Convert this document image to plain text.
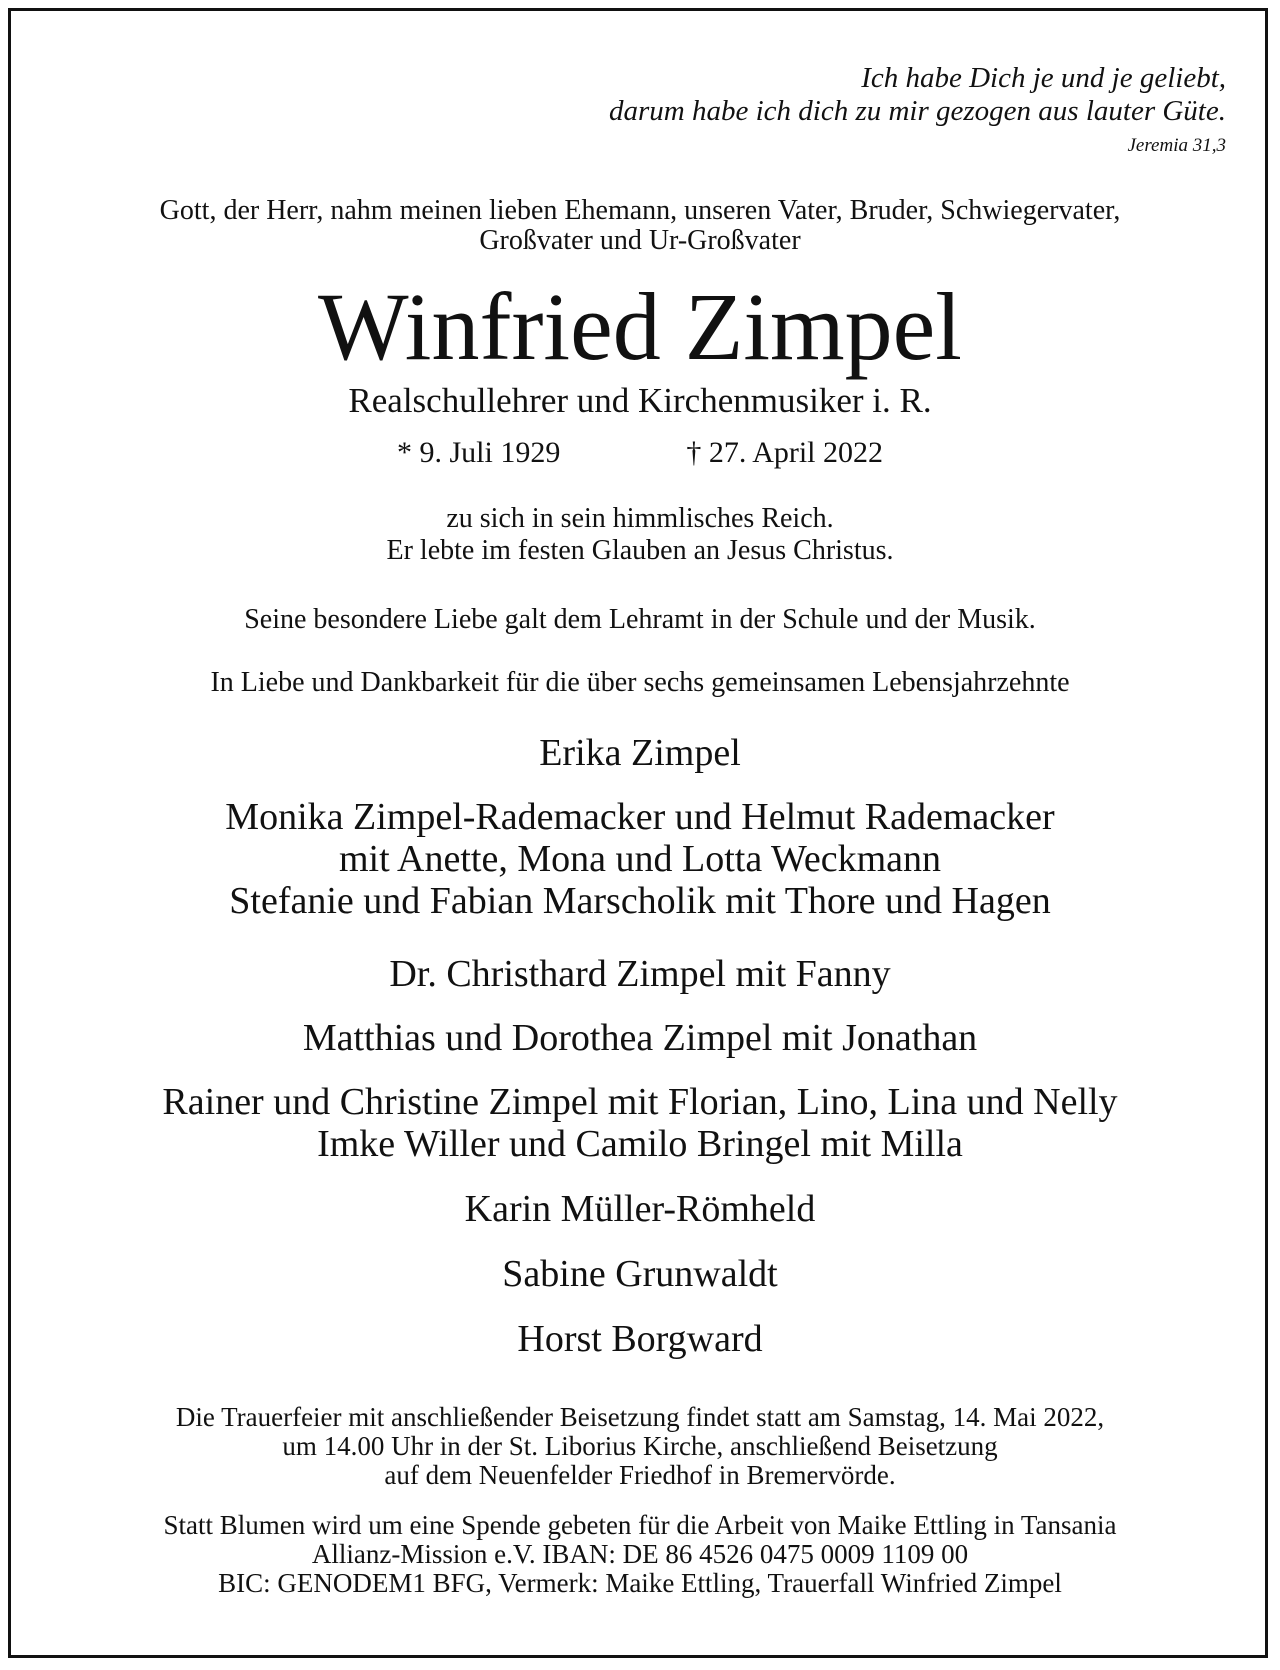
Ich habe Dich je und je geliebt,
darum habe ich dich zu mir gezogen aus lauter Güte.
Jeremia 31,3
Gott, der Herr, nahm meinen lieben Ehemann, unseren Vater, Bruder, Schwiegervater,
Großvater und Ur-Großvater
Winfried Zimpel
Realschullehrer und Kirchenmusiker i. R.
* 9. Juli 1929	† 27. April 2022
zu sich in sein himmlisches Reich.
Er lebte im festen Glauben an Jesus Christus.
Seine besondere Liebe galt dem Lehramt in der Schule und der Musik.
In Liebe und Dankbarkeit für die über sechs gemeinsamen Lebensjahrzehnte
Erika Zimpel
Monika Zimpel-Rademacker und Helmut Rademacker
mit Anette, Mona und Lotta Weckmann
Stefanie und Fabian Marscholik mit Thore und Hagen
Dr. Christhard Zimpel mit Fanny
Matthias und Dorothea Zimpel mit Jonathan
Rainer und Christine Zimpel mit Florian, Lino, Lina und Nelly
Imke Willer und Camilo Bringel mit Milla
Karin Müller-Römheld
Sabine Grunwaldt
Horst Borgward
Die Trauerfeier mit anschließender Beisetzung findet statt am Samstag, 14. Mai 2022,
um 14.00 Uhr in der St. Liborius Kirche, anschließend Beisetzung
auf dem Neuenfelder Friedhof in Bremervörde.
Statt Blumen wird um eine Spende gebeten für die Arbeit von Maike Ettling in Tansania
Allianz-Mission e.V. IBAN: DE 86 4526 0475 0009 1109 00
BIC: GENODEM1 BFG, Vermerk: Maike Ettling, Trauerfall Winfried Zimpel
